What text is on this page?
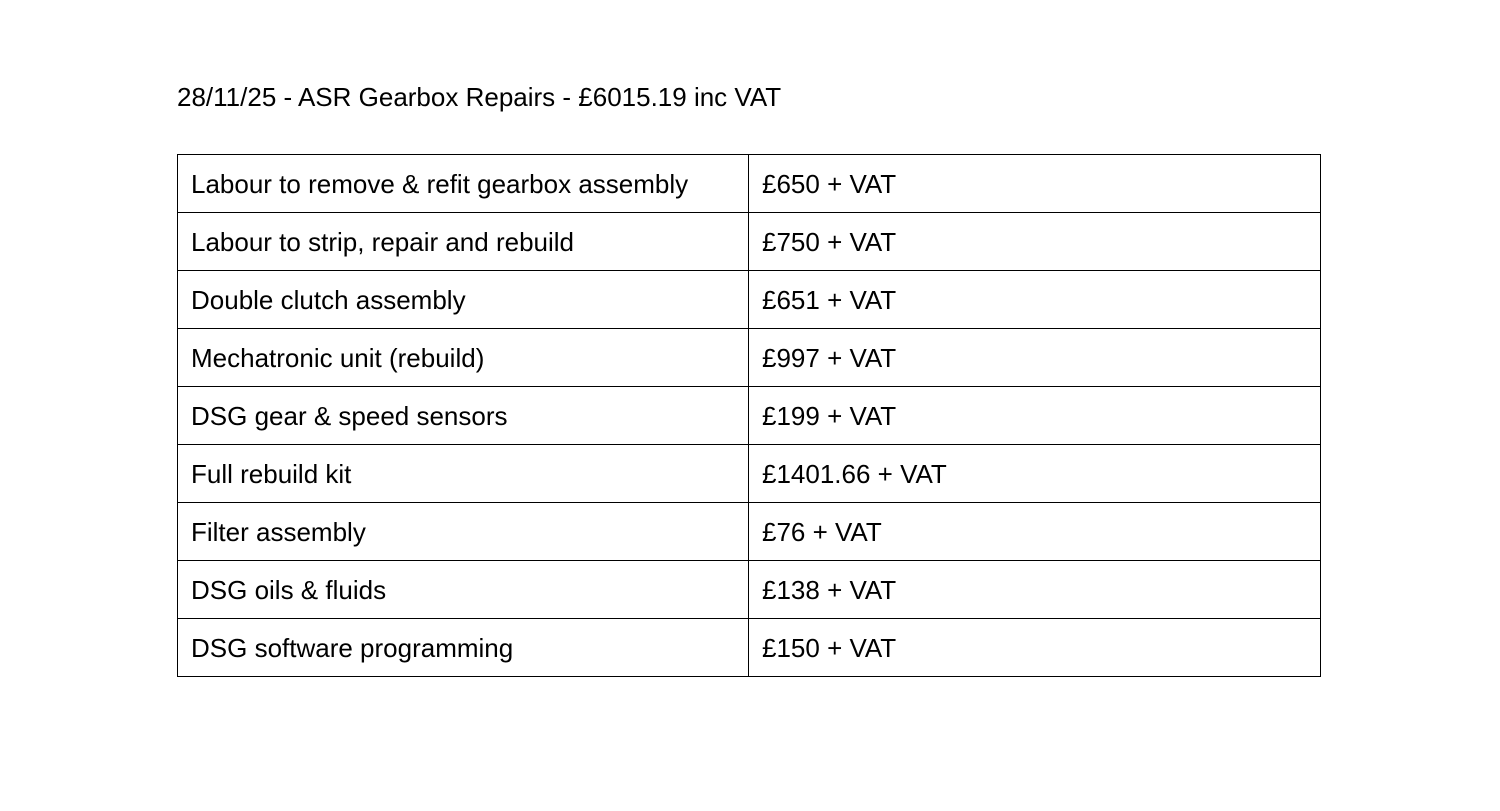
28/11/25 - ASR Gearbox Repairs - £6015.19 inc VAT
Labour to remove & refit gearbox assembly	£650 + VAT
Labour to strip, repair and rebuild	£750 + VAT
Double clutch assembly	£651 + VAT
Mechatronic unit (rebuild)	£997 + VAT
DSG gear & speed sensors	£199 + VAT
Full rebuild kit	£1401.66 + VAT
Filter assembly	£76 + VAT
DSG oils & fluids	£138 + VAT
DSG software programming	£150 + VAT
